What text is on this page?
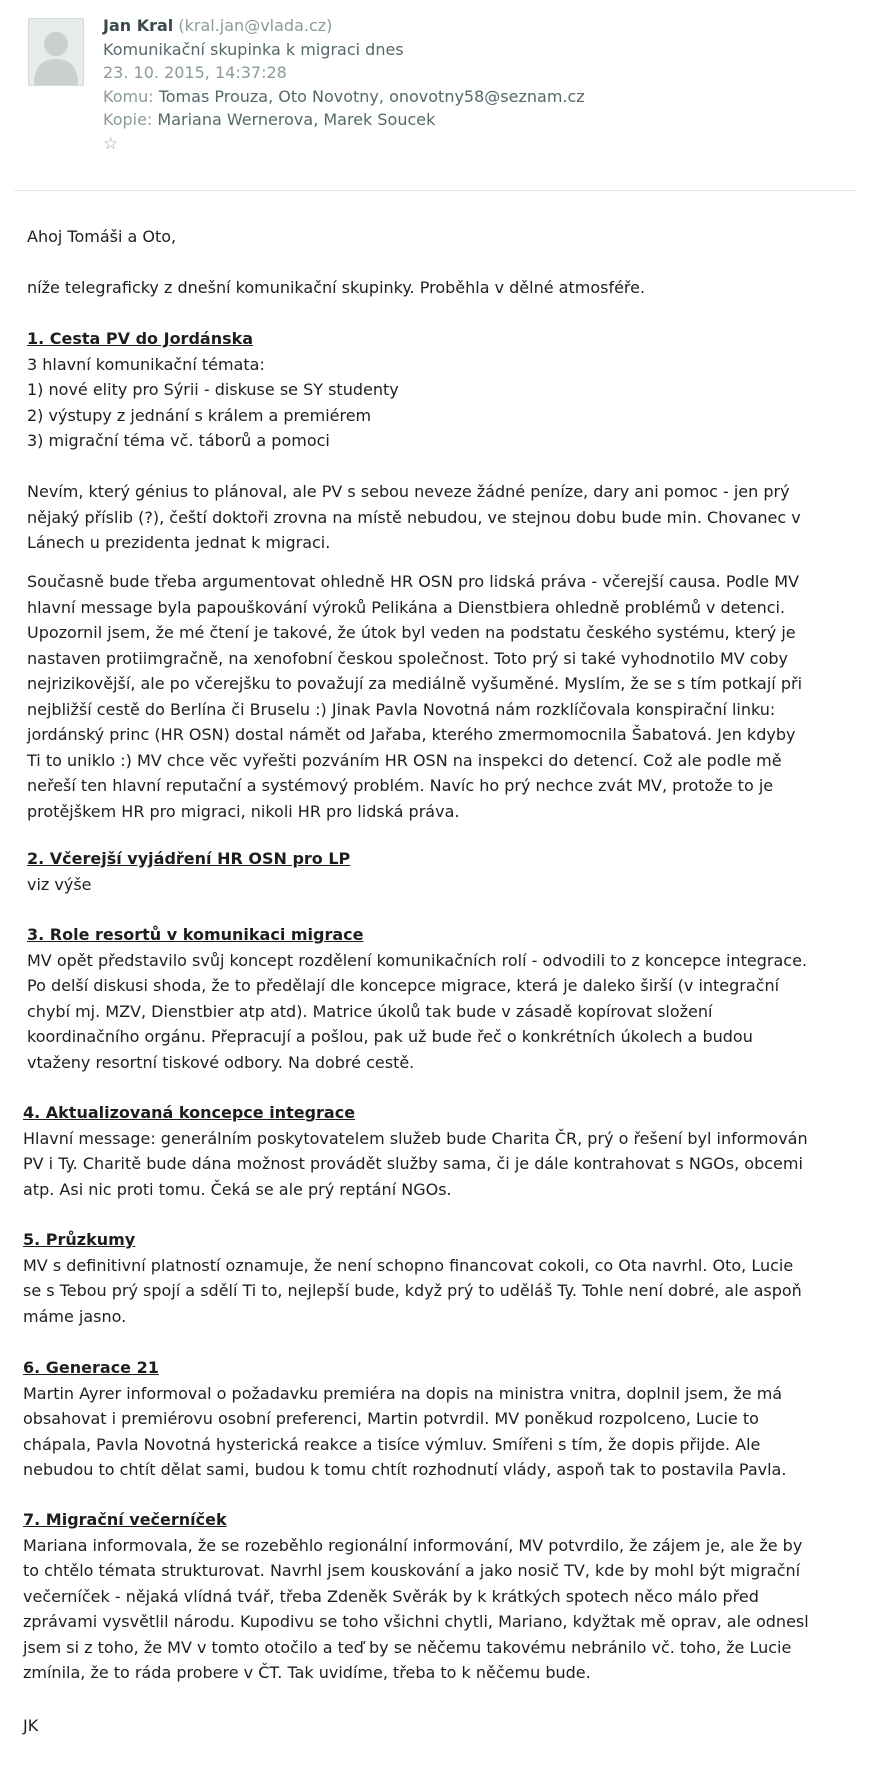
Jan Kral (kral.jan@vlada.cz)
Komunikační skupinka k migraci dnes
23. 10. 2015, 14:37:28
Komu: Tomas Prouza, Oto Novotny, onovotny58@seznam.cz
Kopie: Mariana Wernerova, Marek Soucek
☆

Ahoj Tomáši a Oto,

níže telegraficky z dnešní komunikační skupinky. Proběhla v dělné atmosféře.

1. Cesta PV do Jordánska
3 hlavní komunikační témata:
1) nové elity pro Sýrii - diskuse se SY studenty
2) výstupy z jednání s králem a premiérem
3) migrační téma vč. táborů a pomoci
Nevím, který génius to plánoval, ale PV s sebou neveze žádné peníze, dary ani pomoc - jen prý
nějaký příslib (?), čeští doktoři zrovna na místě nebudou, ve stejnou dobu bude min. Chovanec v
Lánech u prezidenta jednat k migraci.
Současně bude třeba argumentovat ohledně HR OSN pro lidská práva - včerejší causa. Podle MV
hlavní message byla papouškování výroků Pelikána a Dienstbiera ohledně problémů v detenci.
Upozornil jsem, že mé čtení je takové, že útok byl veden na podstatu českého systému, který je
nastaven protiimgračně, na xenofobní českou společnost. Toto prý si také vyhodnotilo MV coby
nejrizikovější, ale po včerejšku to považují za mediálně vyšuměné. Myslím, že se s tím potkají při
nejbližší cestě do Berlína či Bruselu :) Jinak Pavla Novotná nám rozklíčovala konspirační linku:
jordánský princ (HR OSN) dostal námět od Jařaba, kterého zmermomocnila Šabatová. Jen kdyby
Ti to uniklo :) MV chce věc vyřešti pozváním HR OSN na inspekci do detencí. Což ale podle mě
neřeší ten hlavní reputační a systémový problém. Navíc ho prý nechce zvát MV, protože to je
protějškem HR pro migraci, nikoli HR pro lidská práva.
2. Včerejší vyjádření HR OSN pro LP
viz výše
3. Role resortů v komunikaci migrace
MV opět představilo svůj koncept rozdělení komunikačních rolí - odvodili to z koncepce integrace.
Po delší diskusi shoda, že to předělají dle koncepce migrace, která je daleko širší (v integrační
chybí mj. MZV, Dienstbier atp atd). Matrice úkolů tak bude v zásadě kopírovat složení
koordinačního orgánu. Přepracují a pošlou, pak už bude řeč o konkrétních úkolech a budou
vtaženy resortní tiskové odbory. Na dobré cestě.
4. Aktualizovaná koncepce integrace
Hlavní message: generálním poskytovatelem služeb bude Charita ČR, prý o řešení byl informován
PV i Ty. Charitě bude dána možnost provádět služby sama, či je dále kontrahovat s NGOs, obcemi
atp. Asi nic proti tomu. Čeká se ale prý reptání NGOs.
5. Průzkumy
MV s definitivní platností oznamuje, že není schopno financovat cokoli, co Ota navrhl. Oto, Lucie
se s Tebou prý spojí a sdělí Ti to, nejlepší bude, když prý to uděláš Ty. Tohle není dobré, ale aspoň
máme jasno.
6. Generace 21
Martin Ayrer informoval o požadavku premiéra na dopis na ministra vnitra, doplnil jsem, že má
obsahovat i premiérovu osobní preferenci, Martin potvrdil. MV poněkud rozpolceno, Lucie to
chápala, Pavla Novotná hysterická reakce a tisíce výmluv. Smířeni s tím, že dopis přijde. Ale
nebudou to chtít dělat sami, budou k tomu chtít rozhodnutí vlády, aspoň tak to postavila Pavla.
7. Migrační večerníček
Mariana informovala, že se rozeběhlo regionální informování, MV potvrdilo, že zájem je, ale že by
to chtělo témata strukturovat. Navrhl jsem kouskování a jako nosič TV, kde by mohl být migrační
večerníček - nějaká vlídná tvář, třeba Zdeněk Svěrák by k krátkých spotech něco málo před
zprávami vysvětlil národu. Kupodivu se toho všichni chytli, Mariano, kdyžtak mě oprav, ale odnesl
jsem si z toho, že MV v tomto otočilo a teď by se něčemu takovému nebránilo vč. toho, že Lucie
zmínila, že to ráda probere v ČT. Tak uvidíme, třeba to k něčemu bude.

JK
